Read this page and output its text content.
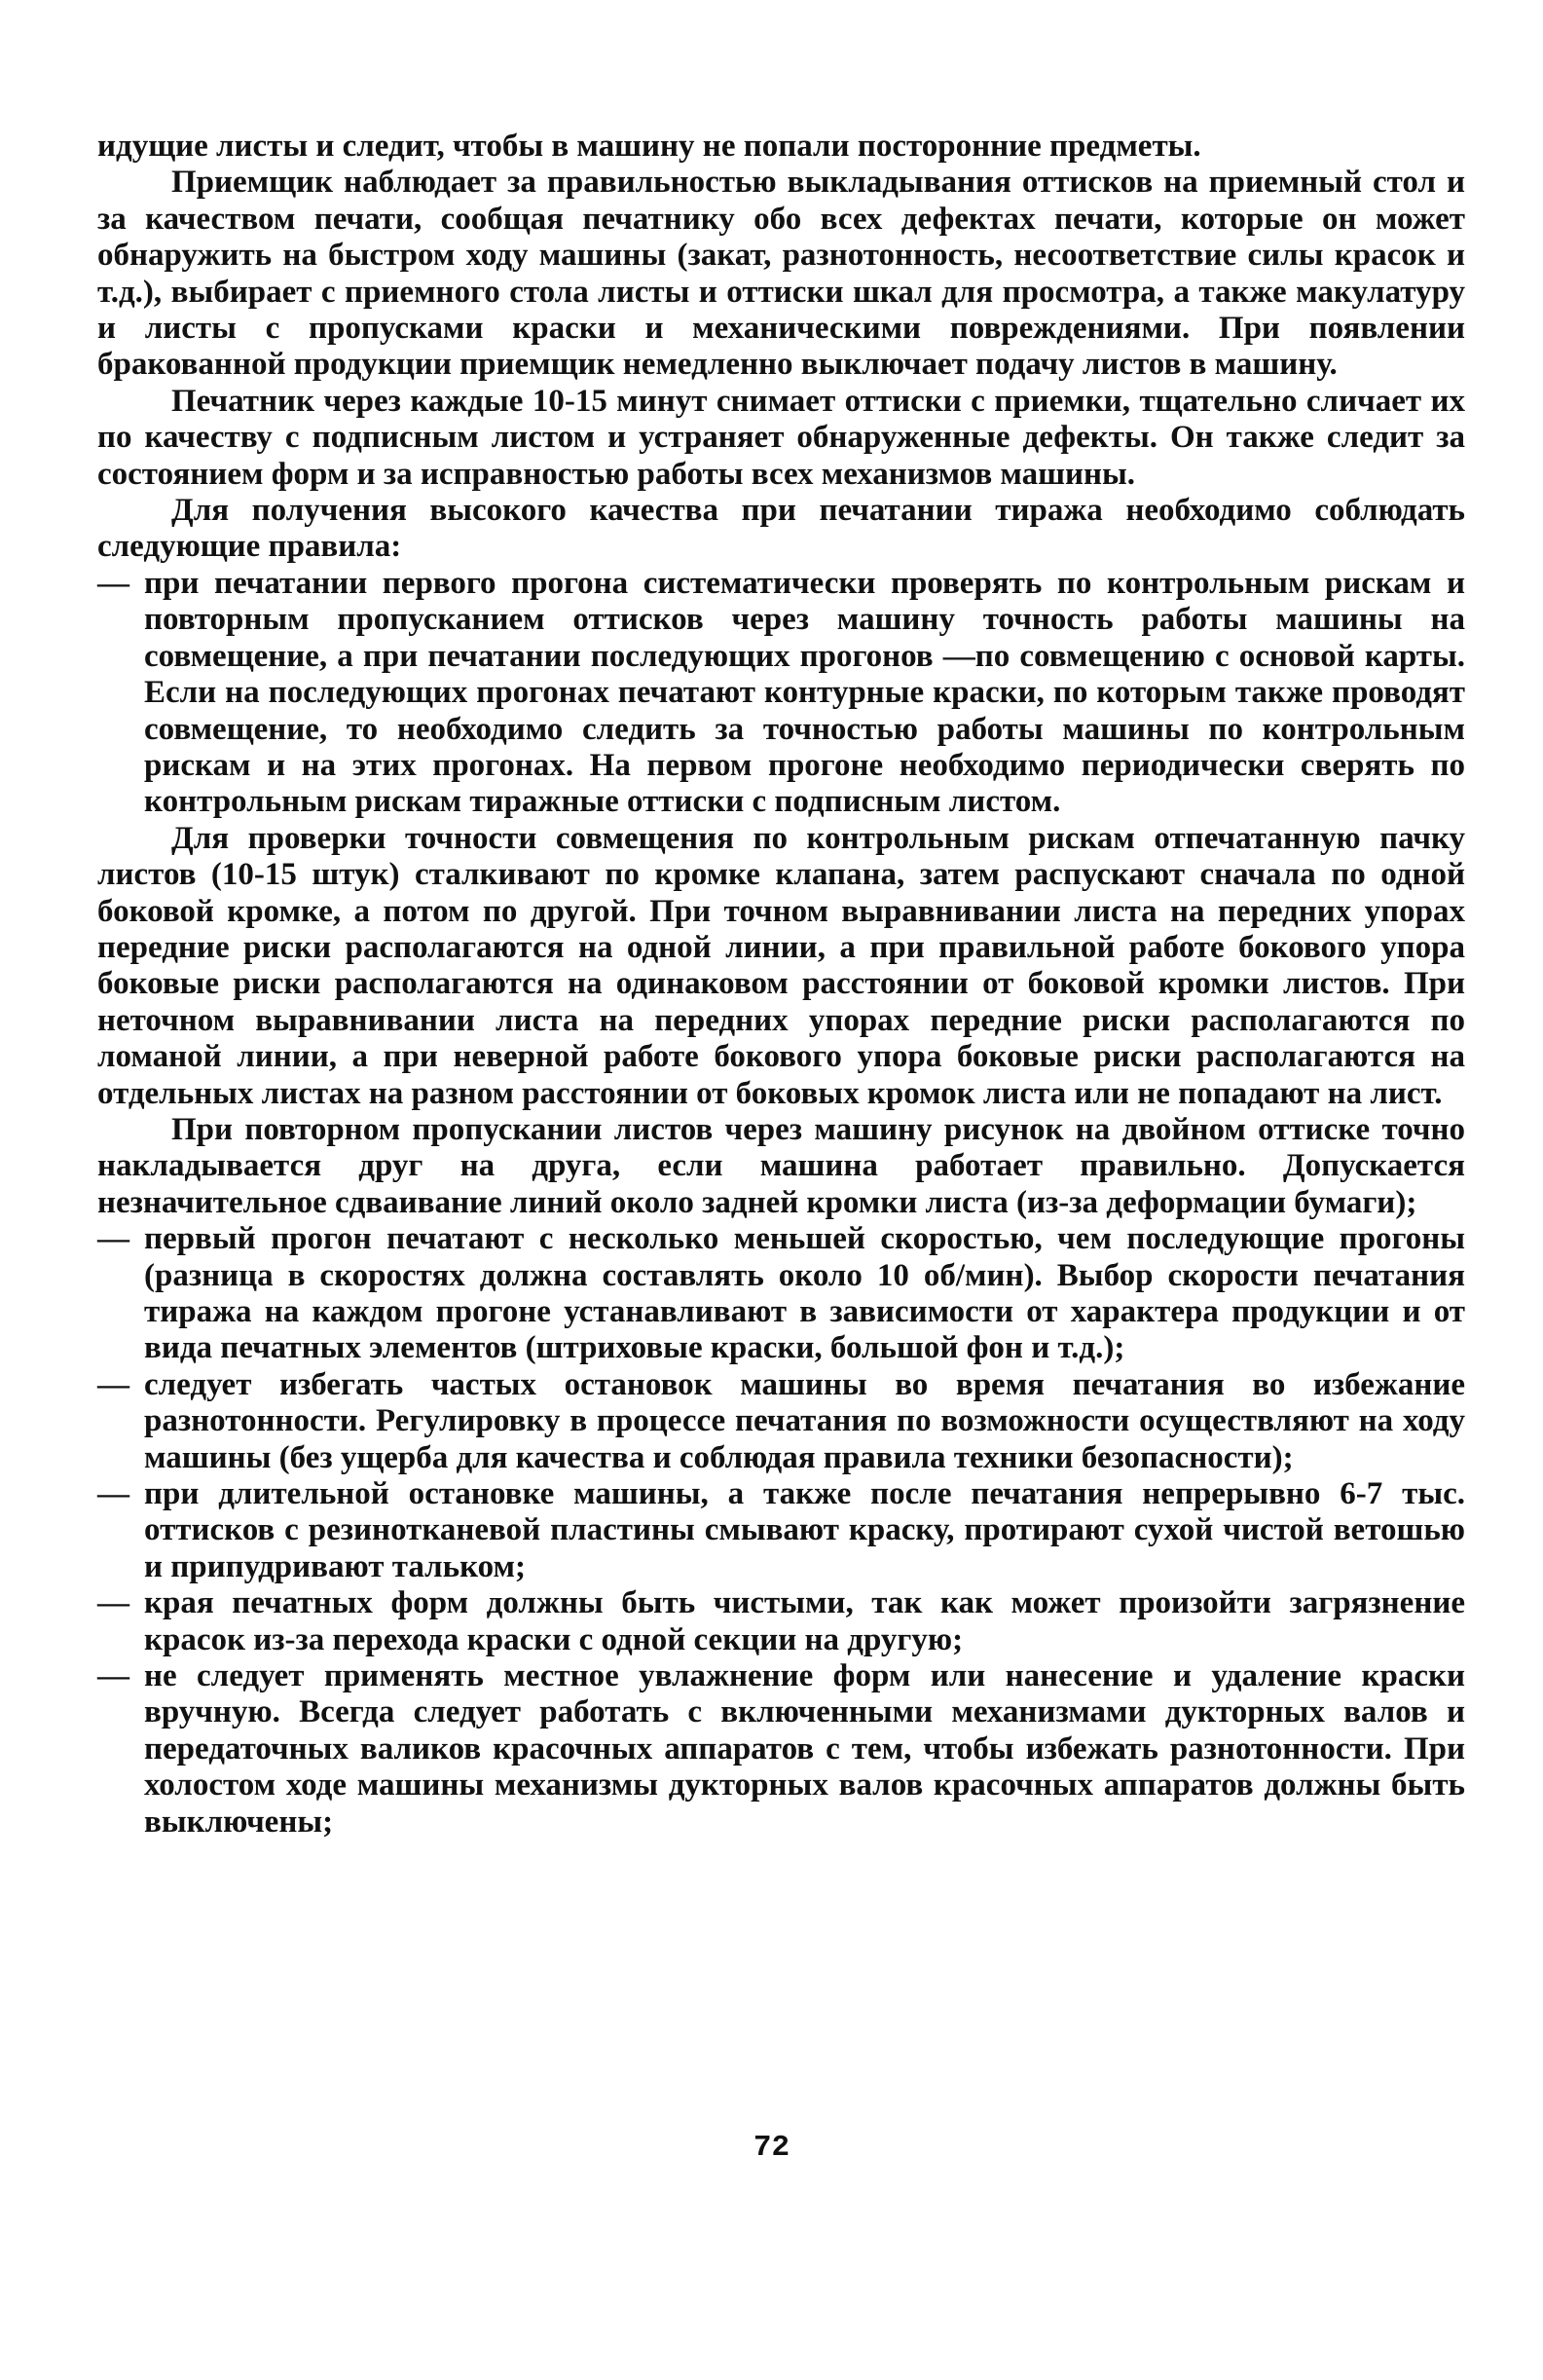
идущие листы и следит, чтобы в машину не попали посторонние предметы.

Приемщик наблюдает за правильностью выкладывания оттисков на приемный стол и за качеством печати, сообщая печатнику обо всех дефектах печати, которые он может обнаружить на быстром ходу машины (закат, разнотонность, несоответствие силы красок и т.д.), выбирает с приемного стола листы и оттиски шкал для просмотра, а также макулатуру и листы с пропусками краски и механическими повреждениями. При появлении бракованной продукции приемщик немедленно выключает подачу листов в машину.

Печатник через каждые 10-15 минут снимает оттиски с приемки, тщательно сличает их по качеству с подписным листом и устраняет обнаруженные дефекты. Он также следит за состоянием форм и за исправностью работы всех механизмов машины.

Для получения высокого качества при печатании тиража необходимо соблюдать следующие правила:

— при печатании первого прогона систематически проверять по контрольным рискам и повторным пропусканием оттисков через машину точность работы машины на совмещение, а при печатании последующих прогонов —по совмещению с основой карты. Если на последующих прогонах печатают контурные краски, по которым также проводят совмещение, то необходимо следить за точностью работы машины по контрольным рискам и на этих прогонах. На первом прогоне необходимо периодически сверять по контрольным рискам тиражные оттиски с подписным листом.

Для проверки точности совмещения по контрольным рискам отпечатанную пачку листов (10-15 штук) сталкивают по кромке клапана, затем распускают сначала по одной боковой кромке, а потом по другой. При точном выравнивании листа на передних упорах передние риски располагаются на одной линии, а при правильной работе бокового упора боковые риски располагаются на одинаковом расстоянии от боковой кромки листов. При неточном выравнивании листа на передних упорах передние риски располагаются по ломаной линии, а при неверной работе бокового упора боковые риски располагаются на отдельных листах на разном расстоянии от боковых кромок листа или не попадают на лист.

При повторном пропускании листов через машину рисунок на двойном оттиске точно накладывается друг на друга, если машина работает правильно. Допускается незначительное сдваивание линий около задней кромки листа (из-за деформации бумаги);

— первый прогон печатают с несколько меньшей скоростью, чем последующие прогоны (разница в скоростях должна составлять около 10 об/мин). Выбор скорости печатания тиража на каждом прогоне устанавливают в зависимости от характера продукции и от вида печатных элементов (штриховые краски, большой фон и т.д.);
— следует избегать частых остановок машины во время печатания во избежание разнотонности. Регулировку в процессе печатания по возможности осуществляют на ходу машины (без ущерба для качества и соблюдая правила техники безопасности);
— при длительной остановке машины, а также после печатания непрерывно 6-7 тыс. оттисков с резинотканевой пластины смывают краску, протирают сухой чистой ветошью и припудривают тальком;
— края печатных форм должны быть чистыми, так как может произойти загрязнение красок из-за перехода краски с одной секции на другую;
— не следует применять местное увлажнение форм или нанесение и удаление краски вручную. Всегда следует работать с включенными механизмами дукторных валов и передаточных валиков красочных аппаратов с тем, чтобы избежать разнотонности. При холостом ходе машины механизмы дукторных валов красочных аппаратов должны быть выключены;
72
